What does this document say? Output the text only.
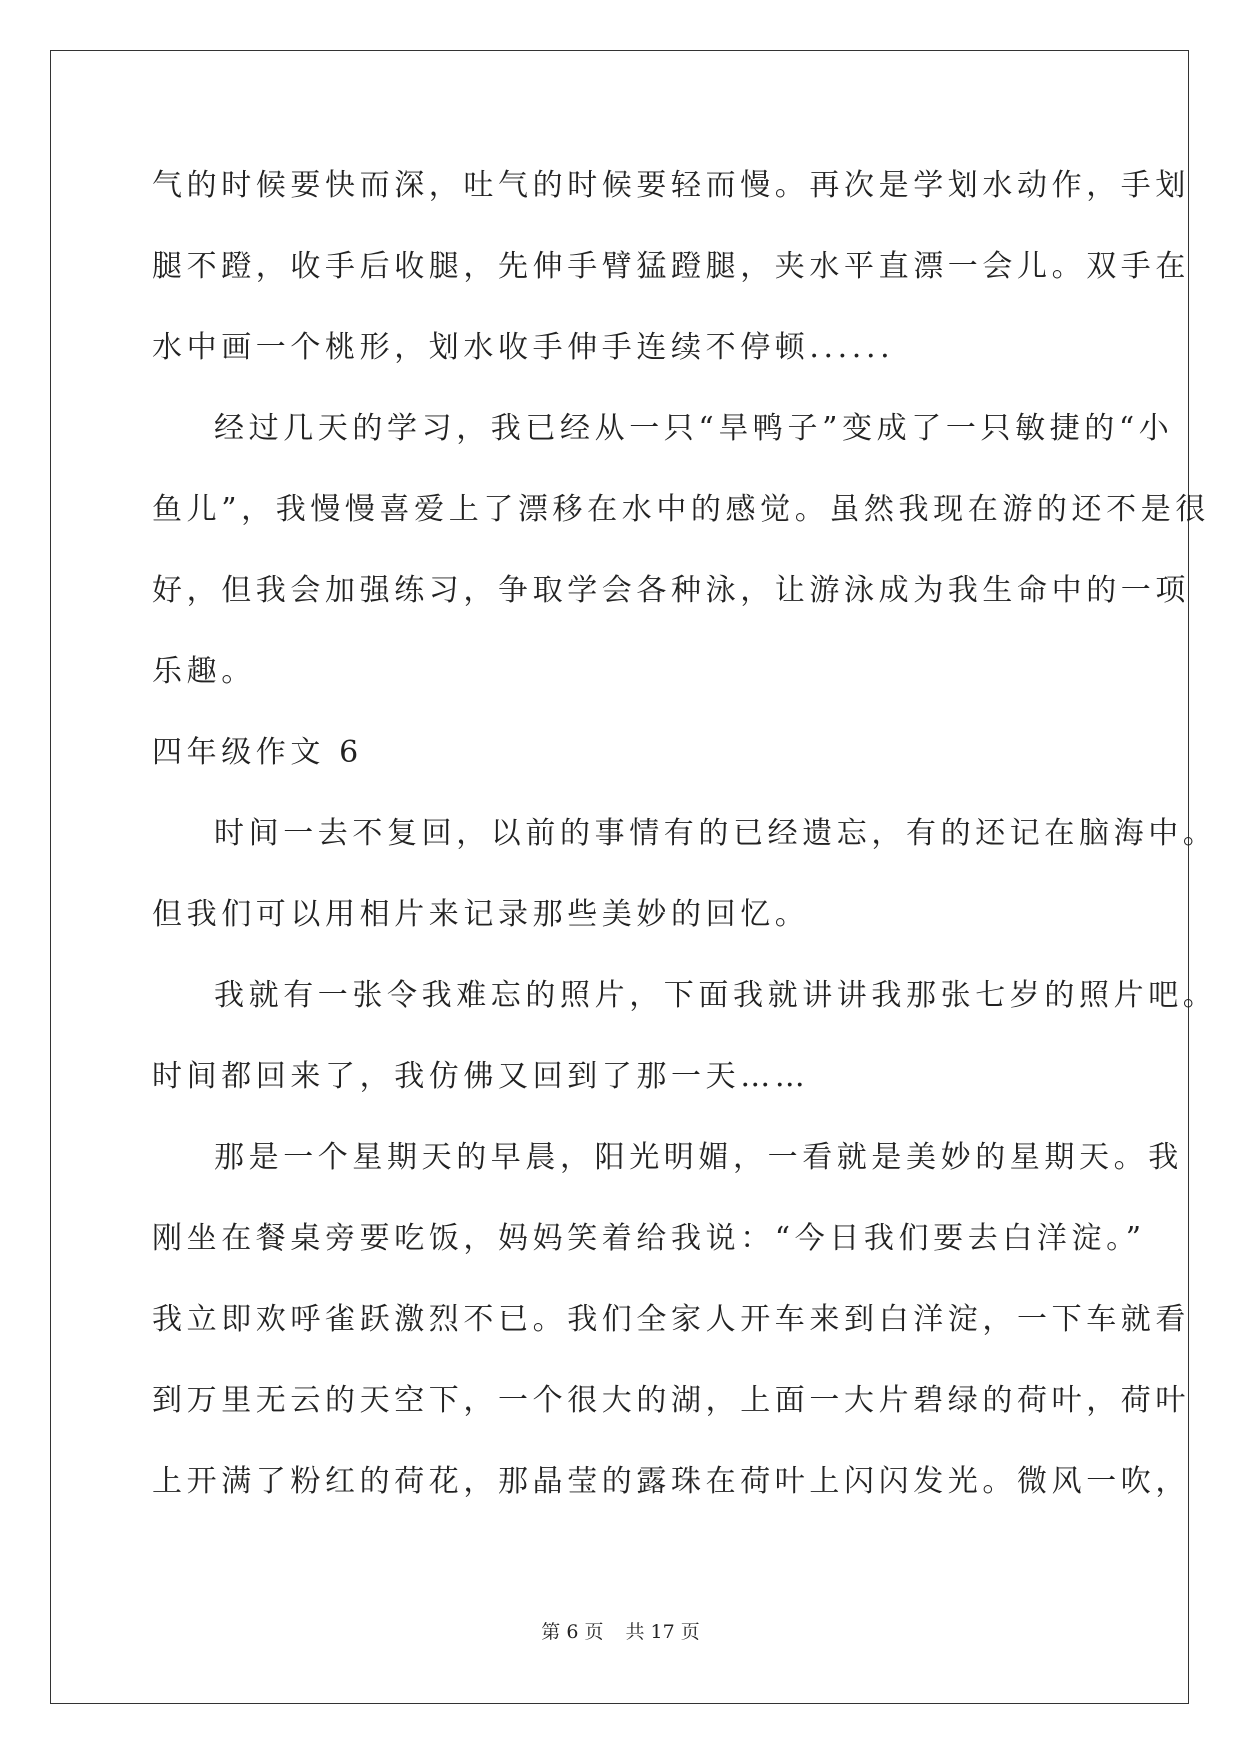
气的时候要快而深，吐气的时候要轻而慢。再次是学划水动作，手划
腿不蹬，收手后收腿，先伸手臂猛蹬腿，夹水平直漂一会儿。双手在
水中画一个桃形，划水收手伸手连续不停顿......
经过几天的学习，我已经从一只“旱鸭子”变成了一只敏捷的“小
鱼儿”，我慢慢喜爱上了漂移在水中的感觉。虽然我现在游的还不是很
好，但我会加强练习，争取学会各种泳，让游泳成为我生命中的一项
乐趣。
四年级作文 6
时间一去不复回，以前的事情有的已经遗忘，有的还记在脑海中。
但我们可以用相片来记录那些美妙的回忆。
我就有一张令我难忘的照片，下面我就讲讲我那张七岁的照片吧。
时间都回来了，我仿佛又回到了那一天……
那是一个星期天的早晨，阳光明媚，一看就是美妙的星期天。我
刚坐在餐桌旁要吃饭，妈妈笑着给我说：“今日我们要去白洋淀。”
我立即欢呼雀跃激烈不已。我们全家人开车来到白洋淀，一下车就看
到万里无云的天空下，一个很大的湖，上面一大片碧绿的荷叶，荷叶
上开满了粉红的荷花，那晶莹的露珠在荷叶上闪闪发光。微风一吹，
第 6 页 共 17 页
